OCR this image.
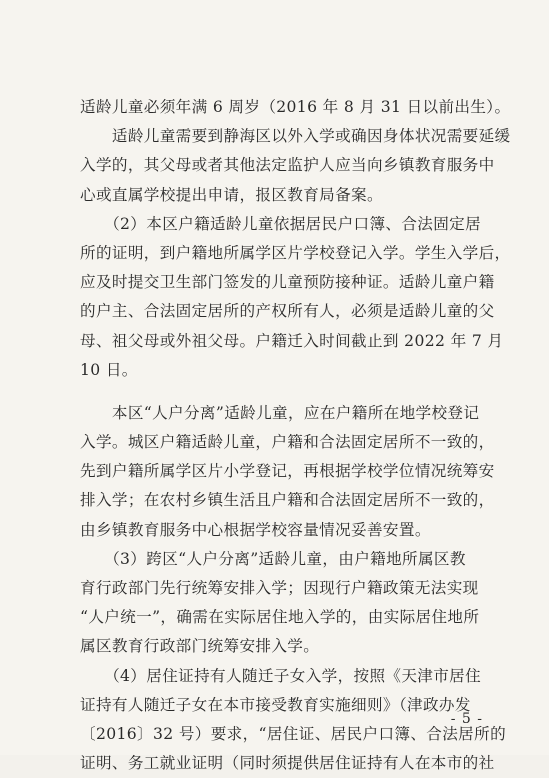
适龄儿童必须年满 6 周岁（2016 年 8 月 31 日以前出生）。
　　适龄儿童需要到静海区以外入学或确因身体状况需要延缓
入学的，其父母或者其他法定监护人应当向乡镇教育服务中
心或直属学校提出申请，报区教育局备案。
　　（2）本区户籍适龄儿童依据居民户口簿、合法固定居
所的证明，到户籍地所属学区片学校登记入学。学生入学后，
应及时提交卫生部门签发的儿童预防接种证。适龄儿童户籍
的户主、合法固定居所的产权所有人，必须是适龄儿童的父
母、祖父母或外祖父母。户籍迁入时间截止到 2022 年 7 月
10 日。
　　本区“人户分离”适龄儿童，应在户籍所在地学校登记
入学。城区户籍适龄儿童，户籍和合法固定居所不一致的，
先到户籍所属学区片小学登记，再根据学校学位情况统筹安
排入学；在农村乡镇生活且户籍和合法固定居所不一致的，
由乡镇教育服务中心根据学校容量情况妥善安置。
　　（3）跨区“人户分离”适龄儿童，由户籍地所属区教
育行政部门先行统筹安排入学；因现行户籍政策无法实现
“人户统一”，确需在实际居住地入学的，由实际居住地所
属区教育行政部门统筹安排入学。
　　（4）居住证持有人随迁子女入学，按照《天津市居住
证持有人随迁子女在本市接受教育实施细则》（津政办发
〔2016〕32 号）要求，“居住证、居民户口簿、合法居所的
证明、务工就业证明（同时须提供居住证持有人在本市的社
- 5 -
